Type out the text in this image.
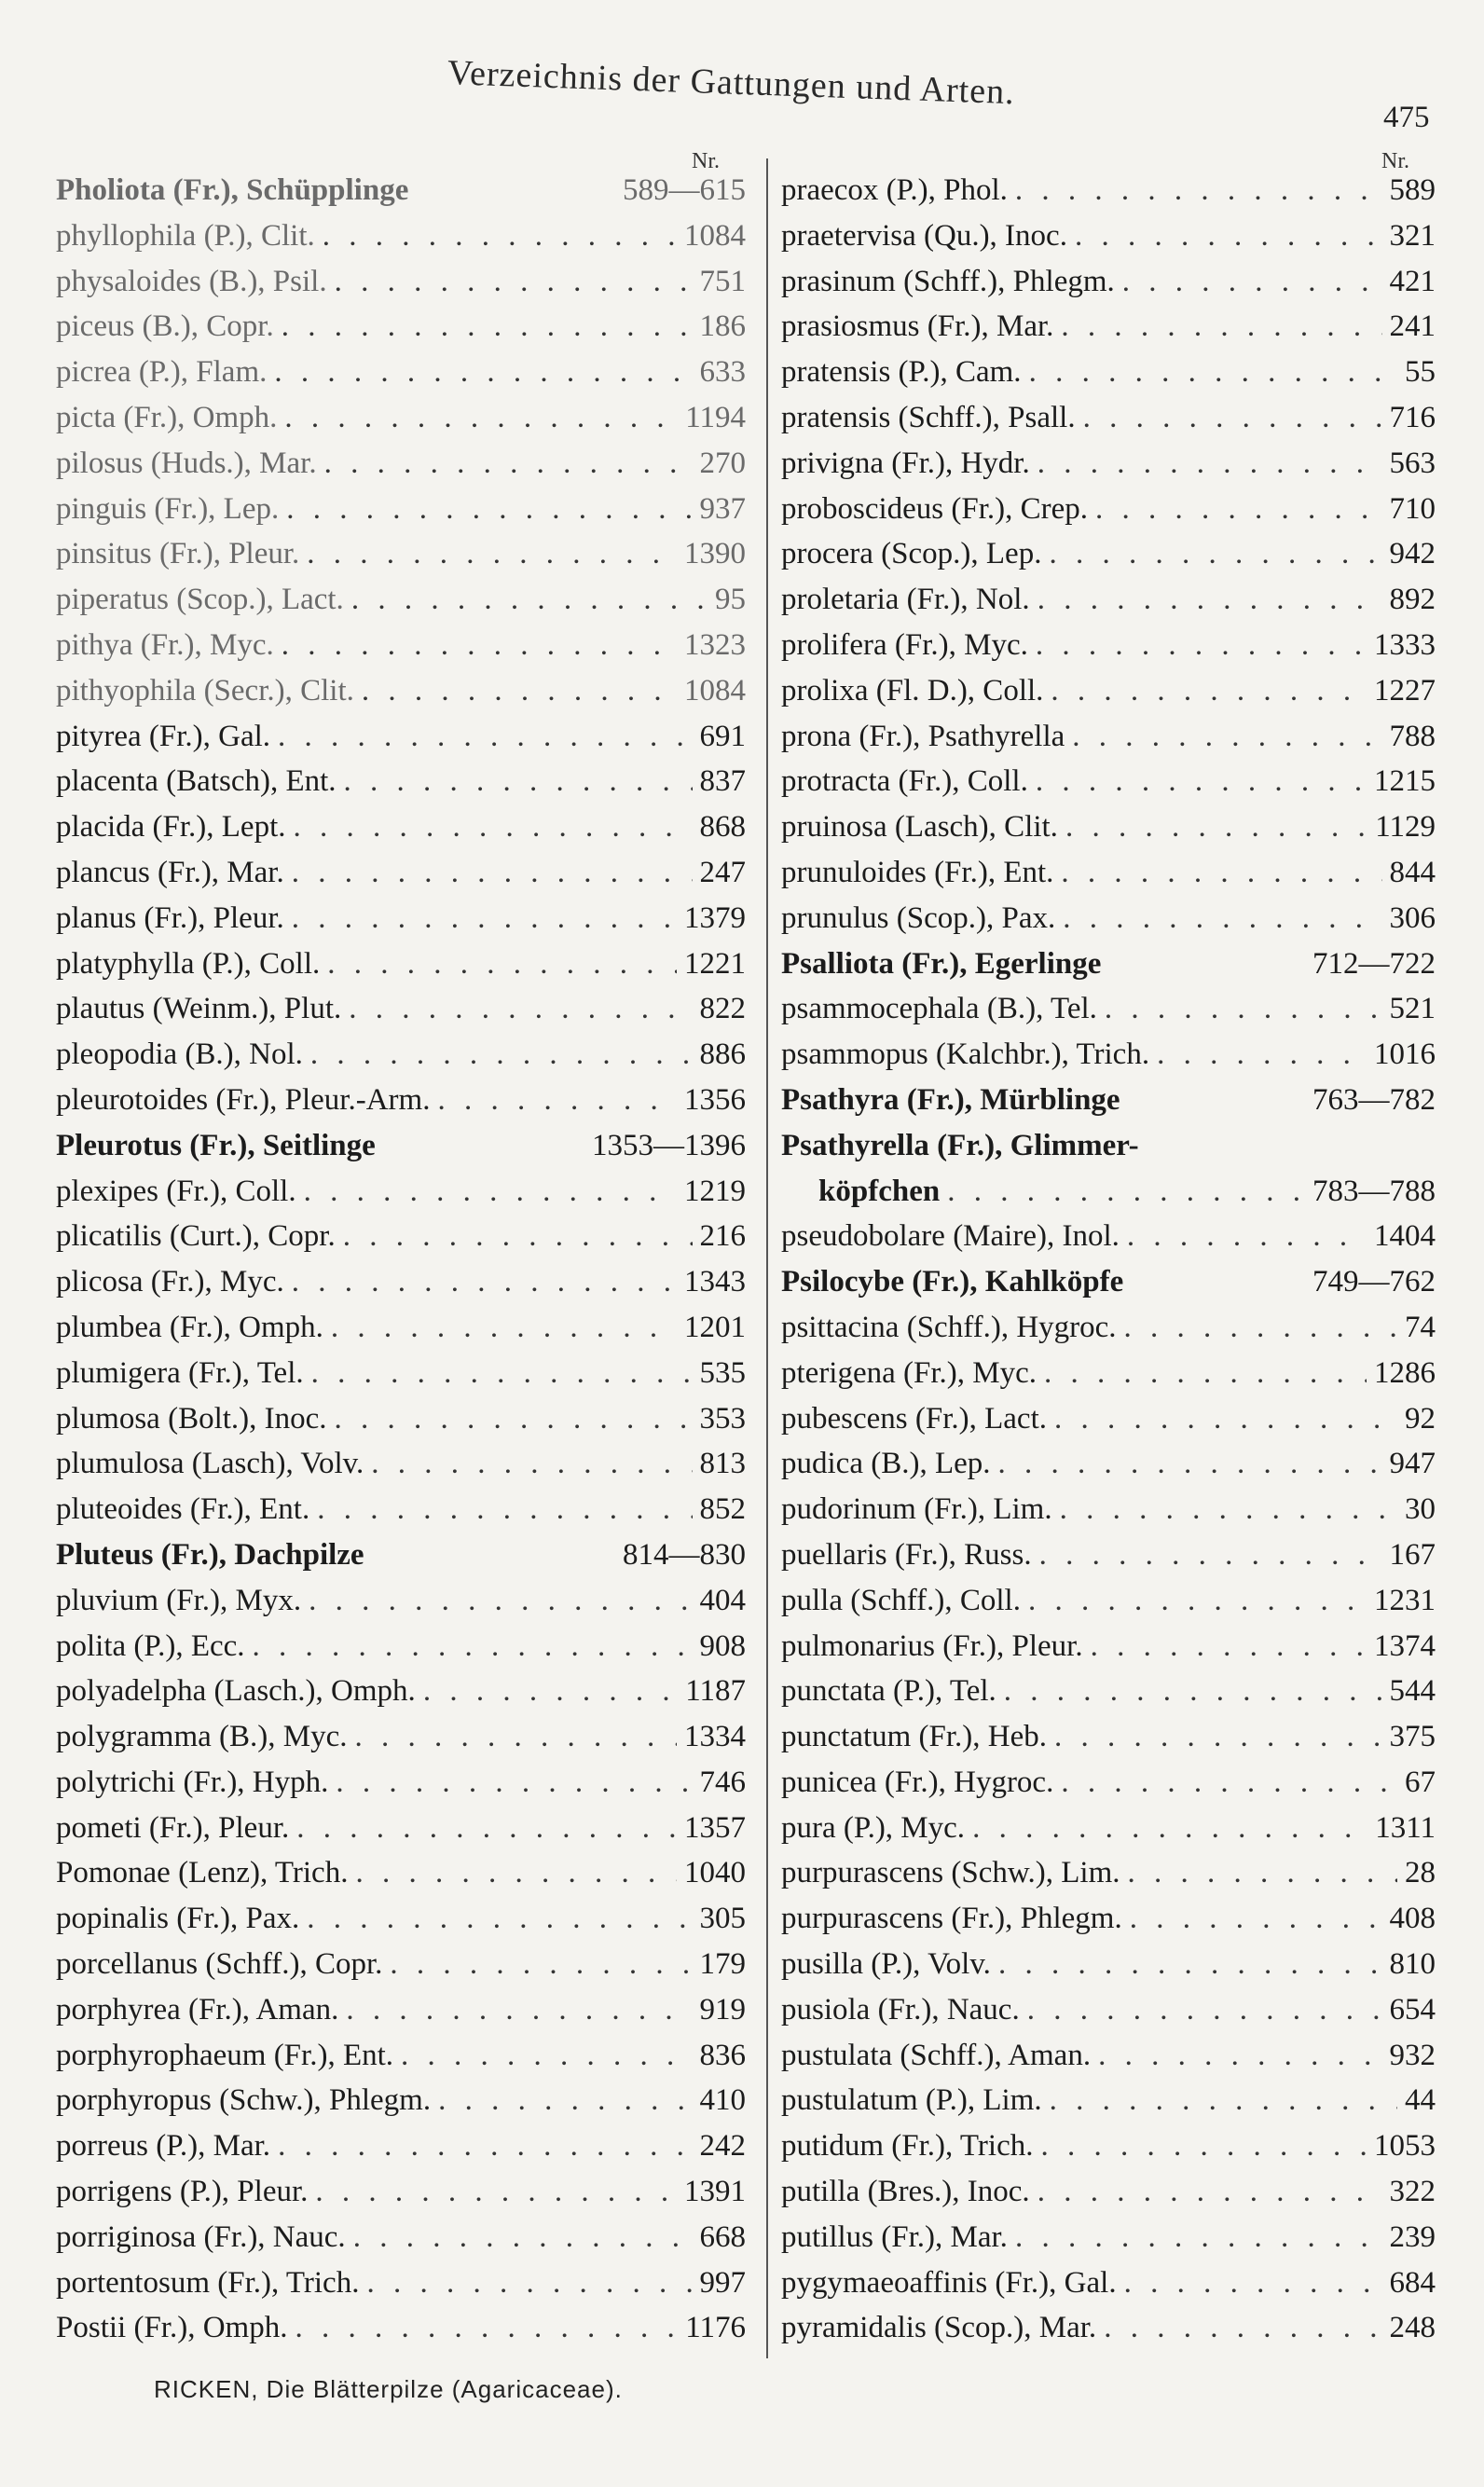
Verzeichnis der Gattungen und Arten.
475
Nr.
Pholiota (Fr.), Schüpplinge	589—615
phyllophila (P.), Clit. . . .	1084
physaloides (B.), Psil. . . .	751
piceus (B.), Copr. . . .	186
picrea (P.), Flam. . . .	633
picta (Fr.), Omph. . . .	1194
pilosus (Huds.), Mar. . . .	270
pinguis (Fr.), Lep. . . .	937
pinsitus (Fr.), Pleur. . . .	1390
piperatus (Scop.), Lact. . . .	95
pithya (Fr.), Myc. . . .	1323
pithyophila (Secr.), Clit. . . .	1084
pityrea (Fr.), Gal. . . .	691
placenta (Batsch), Ent. . . .	837
placida (Fr.), Lept. . . .	868
plancus (Fr.), Mar. . . .	247
planus (Fr.), Pleur. . . .	1379
platyphylla (P.), Coll. . . .	1221
plautus (Weinm.), Plut. . . .	822
pleopodia (B.), Nol. . . .	886
pleurotoides (Fr.), Pleur.-Arm. . . .	1356
Pleurotus (Fr.), Seitlinge	1353—1396
plexipes (Fr.), Coll. . . .	1219
plicatilis (Curt.), Copr. . . .	216
plicosa (Fr.), Myc. . . .	1343
plumbea (Fr.), Omph. . . .	1201
plumigera (Fr.), Tel. . . .	535
plumosa (Bolt.), Inoc. . . .	353
plumulosa (Lasch), Volv. . . .	813
pluteoides (Fr.), Ent. . . .	852
Pluteus (Fr.), Dachpilze	814—830
pluvium (Fr.), Myx. . . .	404
polita (P.), Ecc. . . .	908
polyadelpha (Lasch.), Omph. . . .	1187
polygramma (B.), Myc. . . .	1334
polytrichi (Fr.), Hyph. . . .	746
pometi (Fr.), Pleur. . . .	1357
Pomonae (Lenz), Trich. . . .	1040
popinalis (Fr.), Pax. . . .	305
porcellanus (Schff.), Copr. . . .	179
porphyrea (Fr.), Aman. . . .	919
porphyrophaeum (Fr.), Ent. . . .	836
porphyropus (Schw.), Phlegm. . . .	410
porreus (P.), Mar. . . .	242
porrigens (P.), Pleur. . . .	1391
porriginosa (Fr.), Nauc. . . .	668
portentosum (Fr.), Trich. . . .	997
Postii (Fr.), Omph. . . .	1176
Nr.
praecox (P.), Phol. . . .	589
praetervisa (Qu.), Inoc. . . .	321
prasinum (Schff.), Phlegm. . . .	421
prasiosmus (Fr.), Mar. . . .	241
pratensis (P.), Cam. . . .	55
pratensis (Schff.), Psall. . . .	716
privigna (Fr.), Hydr. . . .	563
proboscideus (Fr.), Crep. . . .	710
procera (Scop.), Lep. . . .	942
proletaria (Fr.), Nol. . . .	892
prolifera (Fr.), Myc. . . .	1333
prolixa (Fl. D.), Coll. . . .	1227
prona (Fr.), Psathyrella . . .	788
protracta (Fr.), Coll. . . .	1215
pruinosa (Lasch), Clit. . . .	1129
prunuloides (Fr.), Ent. . . .	844
prunulus (Scop.), Pax. . . .	306
Psalliota (Fr.), Egerlinge	712—722
psammocephala (B.), Tel. . . .	521
psammopus (Kalchbr.), Trich. . . .	1016
Psathyra (Fr.), Mürblinge	763—782
Psathyrella (Fr.), Glimmer-
köpfchen . . .	783—788
pseudobolare (Maire), Inol. . . .	1404
Psilocybe (Fr.), Kahlköpfe	749—762
psittacina (Schff.), Hygroc. . . .	74
pterigena (Fr.), Myc. . . .	1286
pubescens (Fr.), Lact. . . .	92
pudica (B.), Lep. . . .	947
pudorinum (Fr.), Lim. . . .	30
puellaris (Fr.), Russ. . . .	167
pulla (Schff.), Coll. . . .	1231
pulmonarius (Fr.), Pleur. . . .	1374
punctata (P.), Tel. . . .	544
punctatum (Fr.), Heb. . . .	375
punicea (Fr.), Hygroc. . . .	67
pura (P.), Myc. . . .	1311
purpurascens (Schw.), Lim. . . .	28
purpurascens (Fr.), Phlegm. . . .	408
pusilla (P.), Volv. . . .	810
pusiola (Fr.), Nauc. . . .	654
pustulata (Schff.), Aman. . . .	932
pustulatum (P.), Lim. . . .	44
putidum (Fr.), Trich. . . .	1053
putilla (Bres.), Inoc. . . .	322
putillus (Fr.), Mar. . . .	239
pygymaeoaffinis (Fr.), Gal. . . .	684
pyramidalis (Scop.), Mar. . . .	248
RICKEN, Die Blätterpilze (Agaricaceae).
